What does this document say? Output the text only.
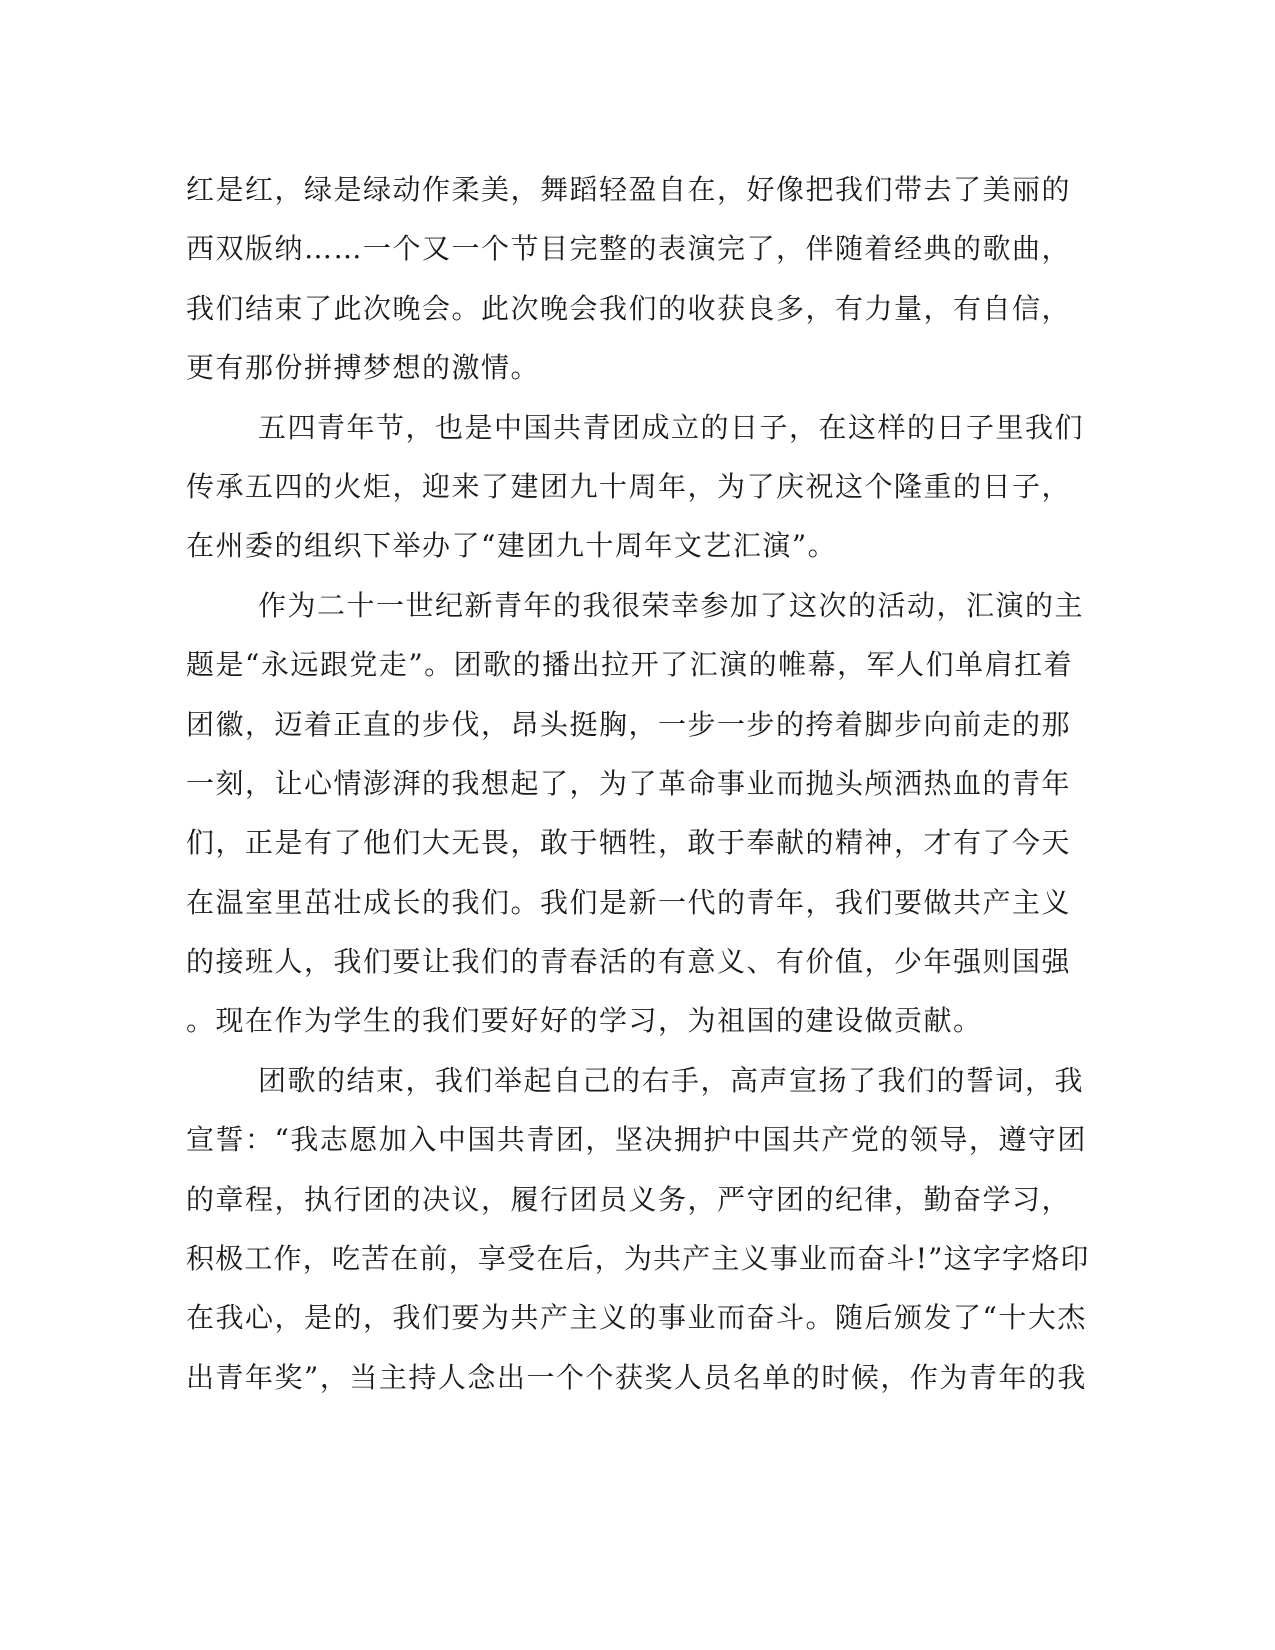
红是红，绿是绿动作柔美，舞蹈轻盈自在，好像把我们带去了美丽的
西双版纳……一个又一个节目完整的表演完了，伴随着经典的歌曲，
我们结束了此次晚会。此次晚会我们的收获良多，有力量，有自信，
更有那份拼搏梦想的激情。
五四青年节，也是中国共青团成立的日子，在这样的日子里我们
传承五四的火炬，迎来了建团九十周年，为了庆祝这个隆重的日子，
在州委的组织下举办了“建团九十周年文艺汇演”。
作为二十一世纪新青年的我很荣幸参加了这次的活动，汇演的主
题是“永远跟党走”。团歌的播出拉开了汇演的帷幕，军人们单肩扛着
团徽，迈着正直的步伐，昂头挺胸，一步一步的挎着脚步向前走的那
一刻，让心情澎湃的我想起了，为了革命事业而抛头颅洒热血的青年
们，正是有了他们大无畏，敢于牺牲，敢于奉献的精神，才有了今天
在温室里茁壮成长的我们。我们是新一代的青年，我们要做共产主义
的接班人，我们要让我们的青春活的有意义、有价值，少年强则国强
。现在作为学生的我们要好好的学习，为祖国的建设做贡献。
团歌的结束，我们举起自己的右手，高声宣扬了我们的誓词，我
宣誓：“我志愿加入中国共青团，坚决拥护中国共产党的领导，遵守团
的章程，执行团的决议，履行团员义务，严守团的纪律，勤奋学习，
积极工作，吃苦在前，享受在后，为共产主义事业而奋斗!”这字字烙印
在我心，是的，我们要为共产主义的事业而奋斗。随后颁发了“十大杰
出青年奖”，当主持人念出一个个获奖人员名单的时候，作为青年的我
